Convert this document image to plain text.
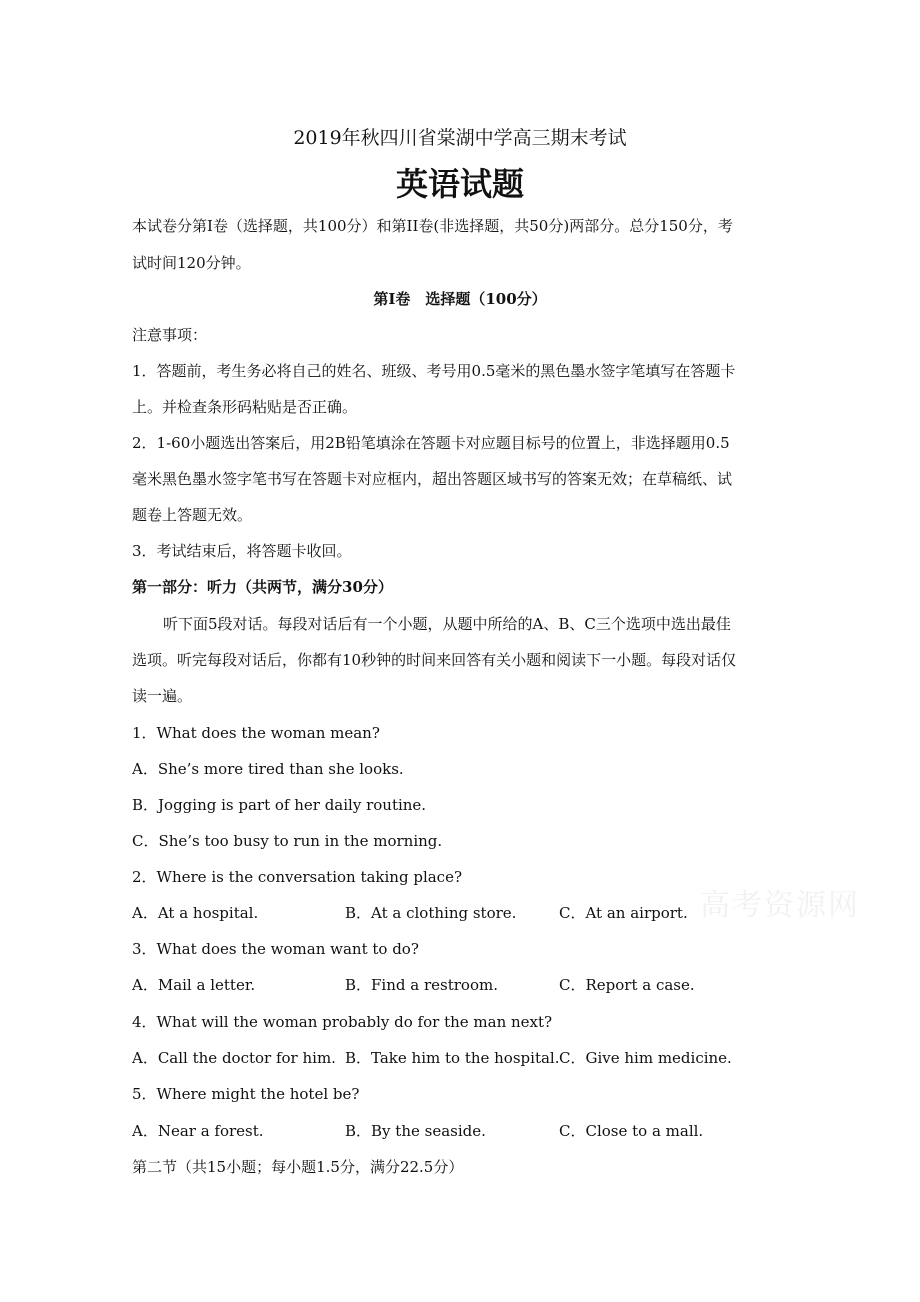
2019年秋四川省棠湖中学高三期末考试
英语试题
本试卷分第I卷（选择题，共100分）和第II卷(非选择题，共50分)两部分。总分150分，考
试时间120分钟。
第I卷　选择题（100分）
注意事项：
1．答题前，考生务必将自己的姓名、班级、考号用0.5毫米的黑色墨水签字笔填写在答题卡
上。并检查条形码粘贴是否正确。
2．1-60小题选出答案后，用2B铅笔填涂在答题卡对应题目标号的位置上，非选择题用0.5
毫米黑色墨水签字笔书写在答题卡对应框内，超出答题区域书写的答案无效；在草稿纸、试
题卷上答题无效。
3．考试结束后，将答题卡收回。
第一部分：听力（共两节，满分30分）
听下面5段对话。每段对话后有一个小题，从题中所给的A、B、C三个选项中选出最佳
选项。听完每段对话后，你都有10秒钟的时间来回答有关小题和阅读下一小题。每段对话仅
读一遍。
1．What does the woman mean?
A．She’s more tired than she looks.
B．Jogging is part of her daily routine.
C．She’s too busy to run in the morning.
2．Where is the conversation taking place?
A．At a hospital.	B．At a clothing store.	C．At an airport.
3．What does the woman want to do?
A．Mail a letter.	B．Find a restroom.	C．Report a case.
4．What will the woman probably do for the man next?
A．Call the doctor for him. B．Take him to the hospital. C．Give him medicine.
5．Where might the hotel be?
A．Near a forest.	B．By the seaside.	C．Close to a mall.
第二节（共15小题；每小题1.5分，满分22.5分）
高考资源网
